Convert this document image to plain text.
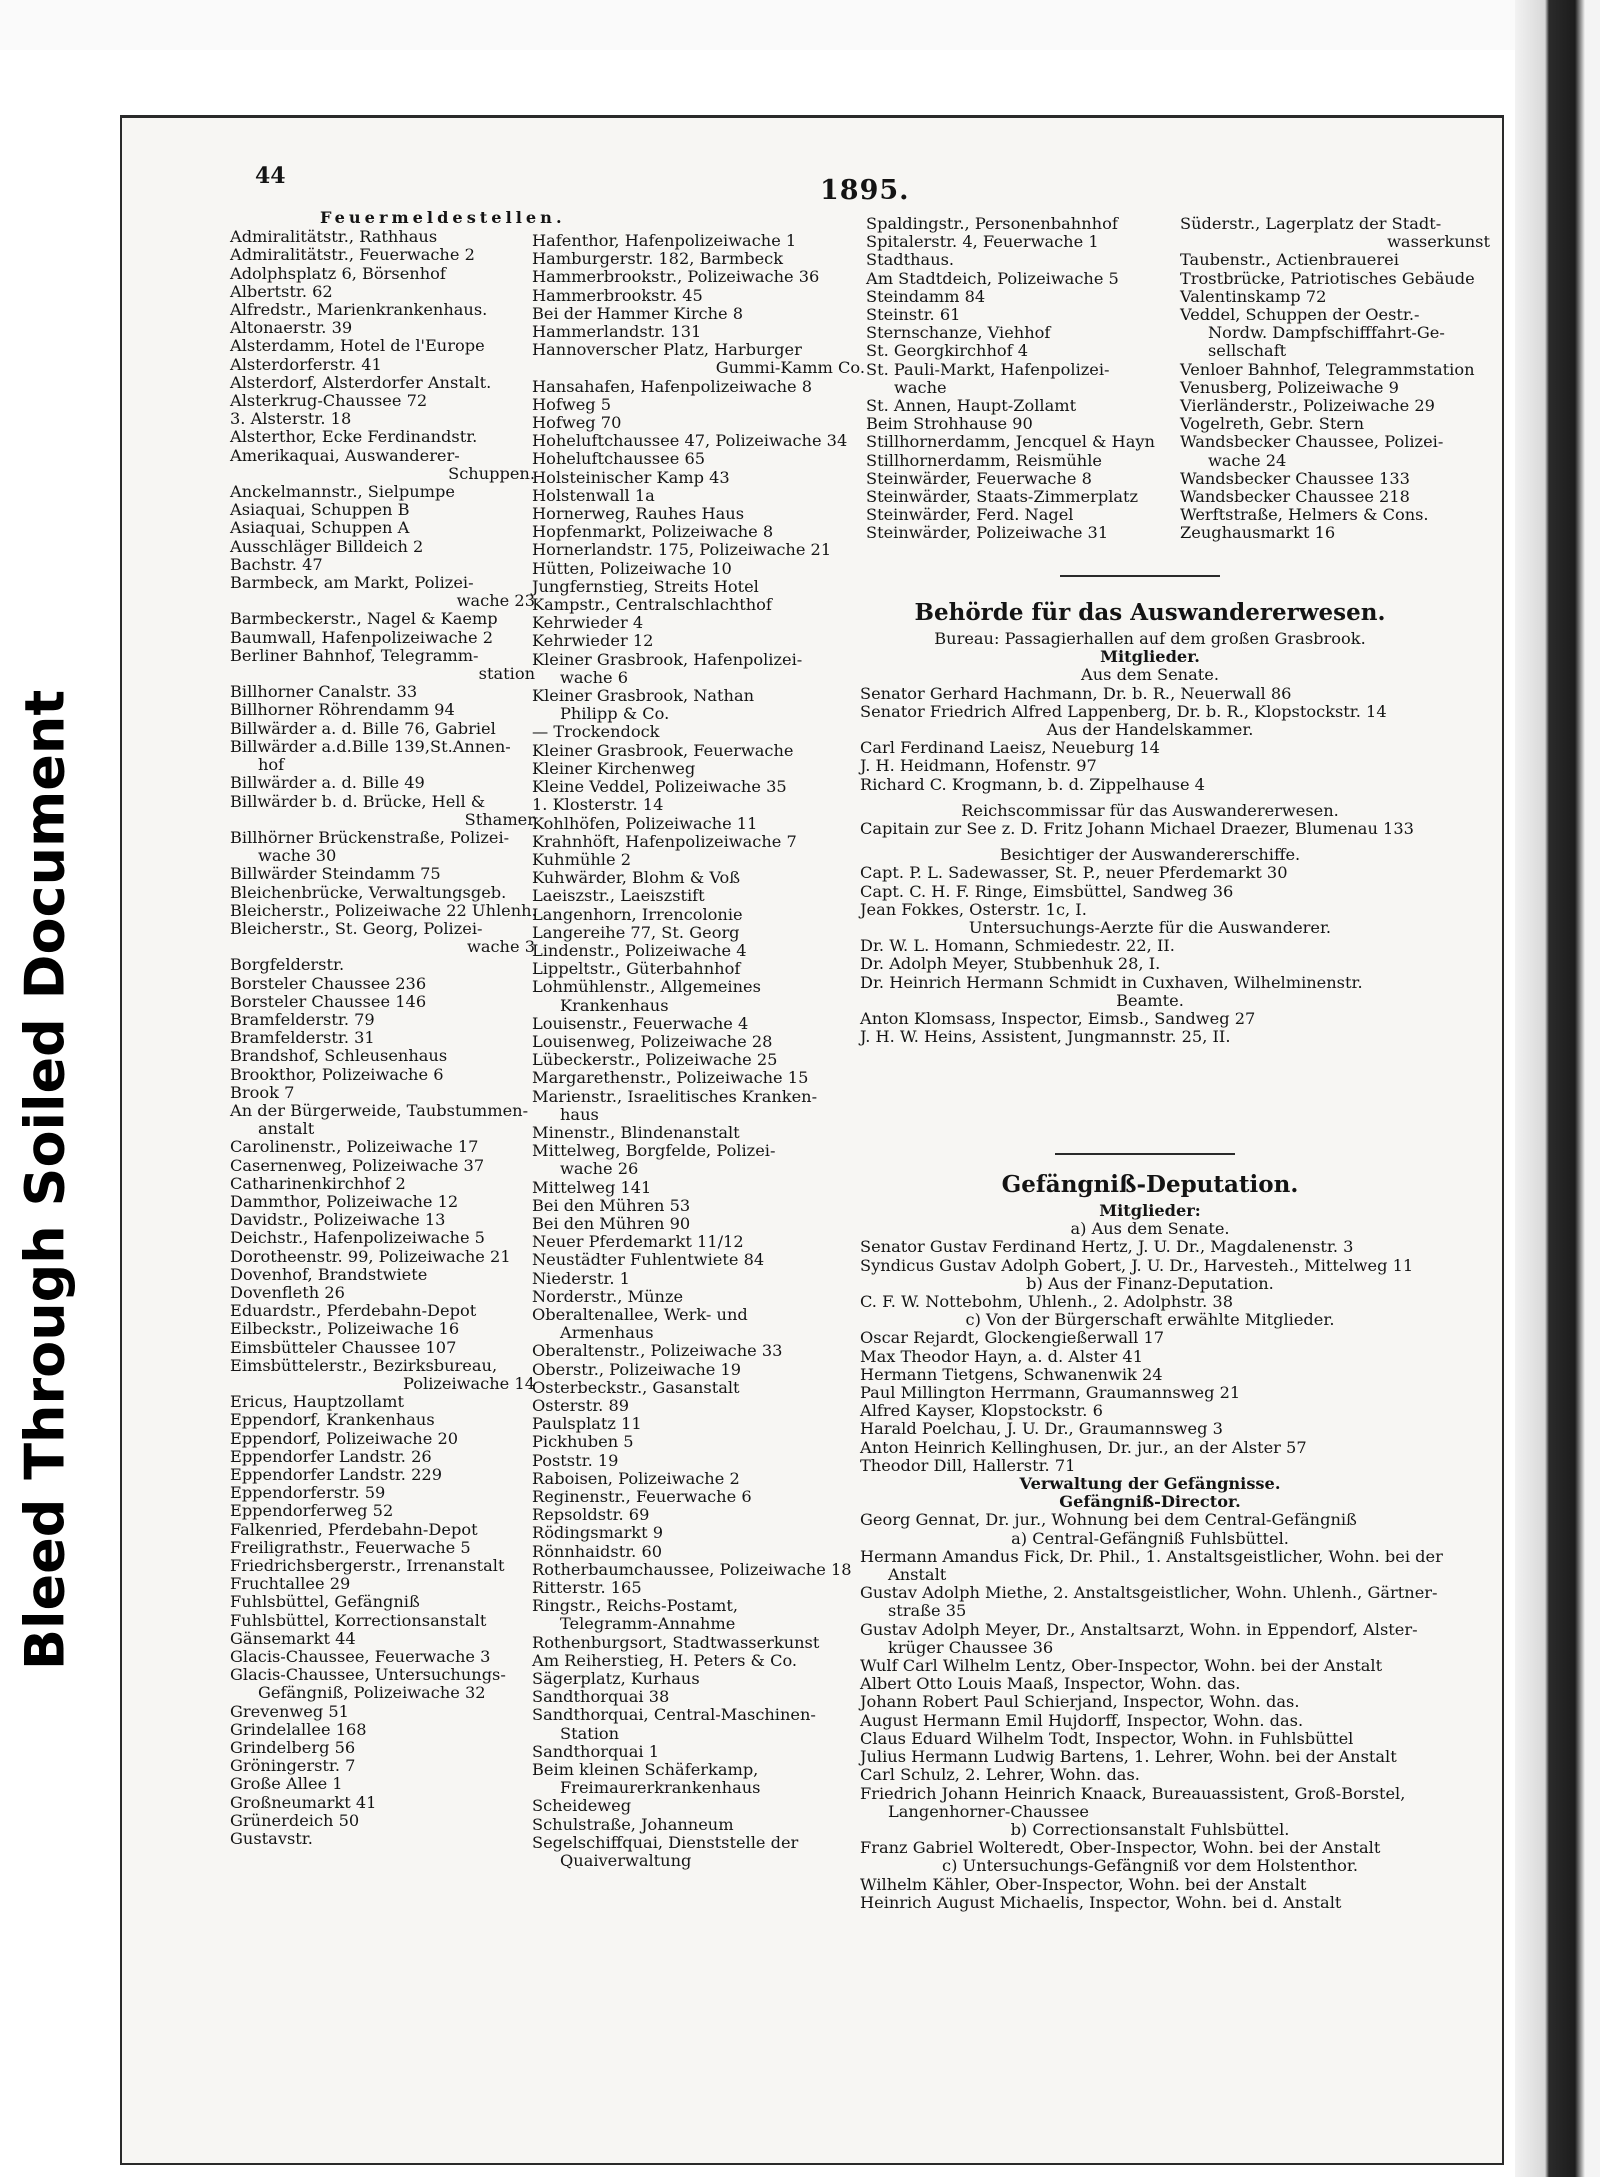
Bleed Through Soiled Document
44	1895.
Feuermeldestellen.
Admiralitätstr., Rathhaus
Admiralitätstr., Feuerwache 2
Adolphsplatz 6, Börsenhof
Albertstr. 62
Alfredstr., Marienkrankenhaus.
Altonaerstr. 39
Alsterdamm, Hotel de l'Europe
Alsterdorferstr. 41
Alsterdorf, Alsterdorfer Anstalt.
Alsterkrug-Chaussee 72
3. Alsterstr. 18
Alsterthor, Ecke Ferdinandstr.
Amerikaquai, Auswanderer-
Schuppen.
Anckelmannstr., Sielpumpe
Asiaquai, Schuppen B
Asiaquai, Schuppen A
Ausschläger Billdeich 2
Bachstr. 47
Barmbeck, am Markt, Polizei-
wache 23
Barmbeckerstr., Nagel & Kaemp
Baumwall, Hafenpolizeiwache 2
Berliner Bahnhof, Telegramm-
station
Billhorner Canalstr. 33
Billhorner Röhrendamm 94
Billwärder a. d. Bille 76, Gabriel
Billwärder a.d.Bille 139,St.Annen-
hof
Billwärder a. d. Bille 49
Billwärder b. d. Brücke, Hell &
Sthamer
Billhörner Brückenstraße, Polizei-
wache 30
Billwärder Steindamm 75
Bleichenbrücke, Verwaltungsgeb.
Bleicherstr., Polizeiwache 22 Uhlenh.
Bleicherstr., St. Georg, Polizei-
wache 3
Borgfelderstr.
Borsteler Chaussee 236
Borsteler Chaussee 146
Bramfelderstr. 79
Bramfelderstr. 31
Brandshof, Schleusenhaus
Brookthor, Polizeiwache 6
Brook 7
An der Bürgerweide, Taubstummen-
anstalt
Carolinenstr., Polizeiwache 17
Casernenweg, Polizeiwache 37
Catharinenkirchhof 2
Dammthor, Polizeiwache 12
Davidstr., Polizeiwache 13
Deichstr., Hafenpolizeiwache 5
Dorotheenstr. 99, Polizeiwache 21
Dovenhof, Brandstwiete
Dovenfleth 26
Eduardstr., Pferdebahn-Depot
Eilbeckstr., Polizeiwache 16
Eimsbütteler Chaussee 107
Eimsbüttelerstr., Bezirksbureau,
Polizeiwache 14
Ericus, Hauptzollamt
Eppendorf, Krankenhaus
Eppendorf, Polizeiwache 20
Eppendorfer Landstr. 26
Eppendorfer Landstr. 229
Eppendorferstr. 59
Eppendorferweg 52
Falkenried, Pferdebahn-Depot
Freiligrathstr., Feuerwache 5
Friedrichsbergerstr., Irrenanstalt
Fruchtallee 29
Fuhlsbüttel, Gefängniß
Fuhlsbüttel, Korrectionsanstalt
Gänsemarkt 44
Glacis-Chaussee, Feuerwache 3
Glacis-Chaussee, Untersuchungs-
Gefängniß, Polizeiwache 32
Grevenweg 51
Grindelallee 168
Grindelberg 56
Gröningerstr. 7
Große Allee 1
Großneumarkt 41
Grünerdeich 50
Gustavstr.
Hafenthor, Hafenpolizeiwache 1
Hamburgerstr. 182, Barmbeck
Hammerbrookstr., Polizeiwache 36
Hammerbrookstr. 45
Bei der Hammer Kirche 8
Hammerlandstr. 131
Hannoverscher Platz, Harburger
Gummi-Kamm Co.
Hansahafen, Hafenpolizeiwache 8
Hofweg 5
Hofweg 70
Hoheluftchaussee 47, Polizeiwache 34
Hoheluftchaussee 65
Holsteinischer Kamp 43
Holstenwall 1a
Hornerweg, Rauhes Haus
Hopfenmarkt, Polizeiwache 8
Hornerlandstr. 175, Polizeiwache 21
Hütten, Polizeiwache 10
Jungfernstieg, Streits Hotel
Kampstr., Centralschlachthof
Kehrwieder 4
Kehrwieder 12
Kleiner Grasbrook, Hafenpolizei-
wache 6
Kleiner Grasbrook, Nathan
Philipp & Co.
— Trockendock
Kleiner Grasbrook, Feuerwache
Kleiner Kirchenweg
Kleine Veddel, Polizeiwache 35
1. Klosterstr. 14
Kohlhöfen, Polizeiwache 11
Krahnhöft, Hafenpolizeiwache 7
Kuhmühle 2
Kuhwärder, Blohm & Voß
Laeiszstr., Laeiszstift
Langenhorn, Irrencolonie
Langereihe 77, St. Georg
Lindenstr., Polizeiwache 4
Lippeltstr., Güterbahnhof
Lohmühlenstr., Allgemeines
Krankenhaus
Louisenstr., Feuerwache 4
Louisenweg, Polizeiwache 28
Lübeckerstr., Polizeiwache 25
Margarethenstr., Polizeiwache 15
Marienstr., Israelitisches Kranken-
haus
Minenstr., Blindenanstalt
Mittelweg, Borgfelde, Polizei-
wache 26
Mittelweg 141
Bei den Mühren 53
Bei den Mühren 90
Neuer Pferdemarkt 11/12
Neustädter Fuhlentwiete 84
Niederstr. 1
Norderstr., Münze
Oberaltenallee, Werk- und
Armenhaus
Oberaltenstr., Polizeiwache 33
Oberstr., Polizeiwache 19
Osterbeckstr., Gasanstalt
Osterstr. 89
Paulsplatz 11
Pickhuben 5
Poststr. 19
Raboisen, Polizeiwache 2
Reginenstr., Feuerwache 6
Repsoldstr. 69
Rödingsmarkt 9
Rönnhaidstr. 60
Rotherbaumchaussee, Polizeiwache 18
Ritterstr. 165
Ringstr., Reichs-Postamt,
Telegramm-Annahme
Rothenburgsort, Stadtwasserkunst
Am Reiherstieg, H. Peters & Co.
Sägerplatz, Kurhaus
Sandthorquai 38
Sandthorquai, Central-Maschinen-
Station
Sandthorquai 1
Beim kleinen Schäferkamp,
Freimaurerkrankenhaus
Scheideweg
Schulstraße, Johanneum
Segelschiffquai, Dienststelle der
Quaiverwaltung
Spaldingstr., Personenbahnhof
Spitalerstr. 4, Feuerwache 1
Stadthaus.
Am Stadtdeich, Polizeiwache 5
Steindamm 84
Steinstr. 61
Sternschanze, Viehhof
St. Georgkirchhof 4
St. Pauli-Markt, Hafenpolizei-
wache
St. Annen, Haupt-Zollamt
Beim Strohhause 90
Stillhornerdamm, Jencquel & Hayn
Stillhornerdamm, Reismühle
Steinwärder, Feuerwache 8
Steinwärder, Staats-Zimmerplatz
Steinwärder, Ferd. Nagel
Steinwärder, Polizeiwache 31
Süderstr., Lagerplatz der Stadt-
wasserkunst
Taubenstr., Actienbrauerei
Trostbrücke, Patriotisches Gebäude
Valentinskamp 72
Veddel, Schuppen der Oestr.-
Nordw. Dampfschifffahrt-Ge-
sellschaft
Venloer Bahnhof, Telegrammstation
Venusberg, Polizeiwache 9
Vierländerstr., Polizeiwache 29
Vogelreth, Gebr. Stern
Wandsbecker Chaussee, Polizei-
wache 24
Wandsbecker Chaussee 133
Wandsbecker Chaussee 218
Werftstraße, Helmers & Cons.
Zeughausmarkt 16
Behörde für das Auswandererwesen.
Bureau: Passagierhallen auf dem großen Grasbrook.
Mitglieder.
Aus dem Senate.
Senator Gerhard Hachmann, Dr. b. R., Neuerwall 86
Senator Friedrich Alfred Lappenberg, Dr. b. R., Klopstockstr. 14
Aus der Handelskammer.
Carl Ferdinand Laeisz, Neueburg 14
J. H. Heidmann, Hofenstr. 97
Richard C. Krogmann, b. d. Zippelhause 4
Reichscommissar für das Auswandererwesen.
Capitain zur See z. D. Fritz Johann Michael Draezer, Blumenau 133
Besichtiger der Auswandererschiffe.
Capt. P. L. Sadewasser, St. P., neuer Pferdemarkt 30
Capt. C. H. F. Ringe, Eimsbüttel, Sandweg 36
Jean Fokkes, Osterstr. 1c, I.
Untersuchungs-Aerzte für die Auswanderer.
Dr. W. L. Homann, Schmiedestr. 22, II.
Dr. Adolph Meyer, Stubbenhuk 28, I.
Dr. Heinrich Hermann Schmidt in Cuxhaven, Wilhelminenstr.
Beamte.
Anton Klomsass, Inspector, Eimsb., Sandweg 27
J. H. W. Heins, Assistent, Jungmannstr. 25, II.
Gefängniß-Deputation.
Mitglieder:
a) Aus dem Senate.
Senator Gustav Ferdinand Hertz, J. U. Dr., Magdalenenstr. 3
Syndicus Gustav Adolph Gobert, J. U. Dr., Harvesteh., Mittelweg 11
b) Aus der Finanz-Deputation.
C. F. W. Nottebohm, Uhlenh., 2. Adolphstr. 38
c) Von der Bürgerschaft erwählte Mitglieder.
Oscar Rejardt, Glockengießerwall 17
Max Theodor Hayn, a. d. Alster 41
Hermann Tietgens, Schwanenwik 24
Paul Millington Herrmann, Graumannsweg 21
Alfred Kayser, Klopstockstr. 6
Harald Poelchau, J. U. Dr., Graumannsweg 3
Anton Heinrich Kellinghusen, Dr. jur., an der Alster 57
Theodor Dill, Hallerstr. 71
Verwaltung der Gefängnisse.
Gefängniß-Director.
Georg Gennat, Dr. jur., Wohnung bei dem Central-Gefängniß
a) Central-Gefängniß Fuhlsbüttel.
Hermann Amandus Fick, Dr. Phil., 1. Anstaltsgeistlicher, Wohn. bei der
Anstalt
Gustav Adolph Miethe, 2. Anstaltsgeistlicher, Wohn. Uhlenh., Gärtner-
straße 35
Gustav Adolph Meyer, Dr., Anstaltsarzt, Wohn. in Eppendorf, Alster-
krüger Chaussee 36
Wulf Carl Wilhelm Lentz, Ober-Inspector, Wohn. bei der Anstalt
Albert Otto Louis Maaß, Inspector, Wohn. das.
Johann Robert Paul Schierjand, Inspector, Wohn. das.
August Hermann Emil Hujdorff, Inspector, Wohn. das.
Claus Eduard Wilhelm Todt, Inspector, Wohn. in Fuhlsbüttel
Julius Hermann Ludwig Bartens, 1. Lehrer, Wohn. bei der Anstalt
Carl Schulz, 2. Lehrer, Wohn. das.
Friedrich Johann Heinrich Knaack, Bureauassistent, Groß-Borstel,
Langenhorner-Chaussee
b) Correctionsanstalt Fuhlsbüttel.
Franz Gabriel Wolteredt, Ober-Inspector, Wohn. bei der Anstalt
c) Untersuchungs-Gefängniß vor dem Holstenthor.
Wilhelm Kähler, Ober-Inspector, Wohn. bei der Anstalt
Heinrich August Michaelis, Inspector, Wohn. bei d. Anstalt
